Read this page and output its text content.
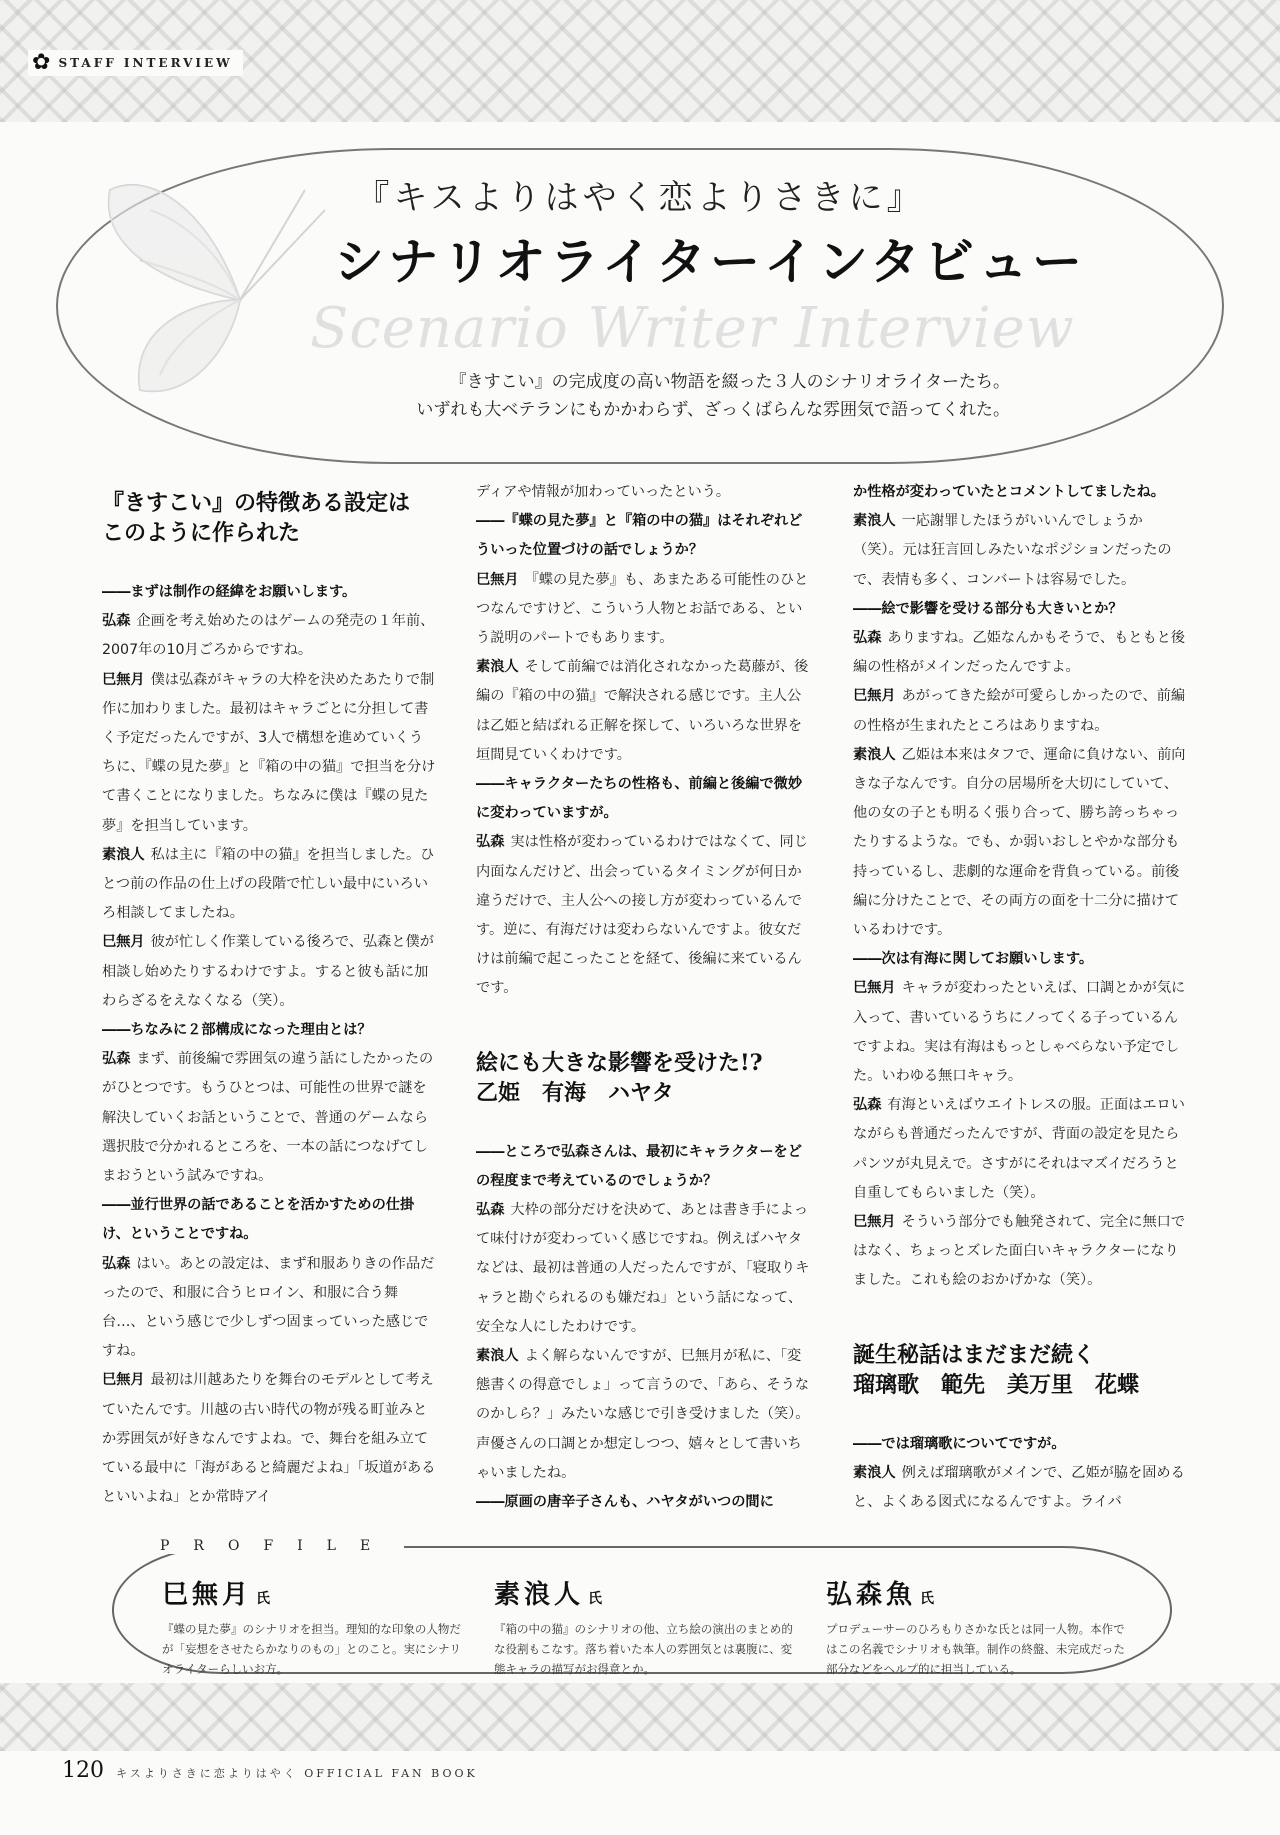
✿ STAFF INTERVIEW
『キスよりはやく恋よりさきに』
シナリオライターインタビュー
Scenario Writer Interview
『きすこい』の完成度の高い物語を綴った３人のシナリオライターたち。
いずれも大ベテランにもかかわらず、ざっくばらんな雰囲気で語ってくれた。
『きすこい』の特徴ある設定は
このように作られた

――まずは制作の経緯をお願いします。

弘森 企画を考え始めたのはゲームの発売の１年前、2007年の10月ごろからですね。

巳無月 僕は弘森がキャラの大枠を決めたあたりで制作に加わりました。最初はキャラごとに分担して書く予定だったんですが、3人で構想を進めていくうちに、『蝶の見た夢』と『箱の中の猫』で担当を分けて書くことになりました。ちなみに僕は『蝶の見た夢』を担当しています。

素浪人 私は主に『箱の中の猫』を担当しました。ひとつ前の作品の仕上げの段階で忙しい最中にいろいろ相談してましたね。

巳無月 彼が忙しく作業している後ろで、弘森と僕が相談し始めたりするわけですよ。すると彼も話に加わらざるをえなくなる（笑）。

――ちなみに２部構成になった理由とは？

弘森 まず、前後編で雰囲気の違う話にしたかったのがひとつです。もうひとつは、可能性の世界で謎を解決していくお話ということで、普通のゲームなら選択肢で分かれるところを、一本の話につなげてしまおうという試みですね。

――並行世界の話であることを活かすための仕掛け、ということですね。

弘森 はい。あとの設定は、まず和服ありきの作品だったので、和服に合うヒロイン、和服に合う舞台…、という感じで少しずつ固まっていった感じですね。

巳無月 最初は川越あたりを舞台のモデルとして考えていたんです。川越の古い時代の物が残る町並みとか雰囲気が好きなんですよね。で、舞台を組み立てている最中に「海があると綺麗だよね」「坂道があるといいよね」とか常時アイ

ディアや情報が加わっていったという。

――『蝶の見た夢』と『箱の中の猫』はそれぞれどういった位置づけの話でしょうか？

巳無月 『蝶の見た夢』も、あまたある可能性のひとつなんですけど、こういう人物とお話である、という説明のパートでもあります。

素浪人 そして前編では消化されなかった葛藤が、後編の『箱の中の猫』で解決される感じです。主人公は乙姫と結ばれる正解を探して、いろいろな世界を垣間見ていくわけです。

――キャラクターたちの性格も、前編と後編で微妙に変わっていますが。

弘森 実は性格が変わっているわけではなくて、同じ内面なんだけど、出会っているタイミングが何日か違うだけで、主人公への接し方が変わっているんです。逆に、有海だけは変わらないんですよ。彼女だけは前編で起こったことを経て、後編に来ているんです。

絵にも大きな影響を受けた!?
乙姫　有海　ハヤタ

――ところで弘森さんは、最初にキャラクターをどの程度まで考えているのでしょうか？

弘森 大枠の部分だけを決めて、あとは書き手によって味付けが変わっていく感じですね。例えばハヤタなどは、最初は普通の人だったんですが、「寝取りキャラと勘ぐられるのも嫌だね」という話になって、安全な人にしたわけです。

素浪人 よく解らないんですが、巳無月が私に、「変態書くの得意でしょ」って言うので、「あら、そうなのかしら？」みたいな感じで引き受けました（笑）。声優さんの口調とか想定しつつ、嬉々として書いちゃいましたね。

――原画の唐辛子さんも、ハヤタがいつの間に

か性格が変わっていたとコメントしてましたね。

素浪人 一応謝罪したほうがいいんでしょうか（笑）。元は狂言回しみたいなポジションだったので、表情も多く、コンバートは容易でした。

――絵で影響を受ける部分も大きいとか？

弘森 ありますね。乙姫なんかもそうで、もともと後編の性格がメインだったんですよ。

巳無月 あがってきた絵が可愛らしかったので、前編の性格が生まれたところはありますね。

素浪人 乙姫は本来はタフで、運命に負けない、前向きな子なんです。自分の居場所を大切にしていて、他の女の子とも明るく張り合って、勝ち誇っちゃったりするような。でも、か弱いおしとやかな部分も持っているし、悲劇的な運命を背負っている。前後編に分けたことで、その両方の面を十二分に描けているわけです。

――次は有海に関してお願いします。

巳無月 キャラが変わったといえば、口調とかが気に入って、書いているうちにノってくる子っているんですよね。実は有海はもっとしゃべらない予定でした。いわゆる無口キャラ。

弘森 有海といえばウエイトレスの服。正面はエロいながらも普通だったんですが、背面の設定を見たらパンツが丸見えで。さすがにそれはマズイだろうと自重してもらいました（笑）。

巳無月 そういう部分でも触発されて、完全に無口ではなく、ちょっとズレた面白いキャラクターになりました。これも絵のおかげかな（笑）。

誕生秘話はまだまだ続く
瑠璃歌　範先　美万里　花蝶

――では瑠璃歌についてですが。

素浪人 例えば瑠璃歌がメインで、乙姫が脇を固めると、よくある図式になるんですよ。ライバ

PROFILE
巳無月 氏
『蝶の見た夢』のシナリオを担当。理知的な印象の人物だが「妄想をさせたらかなりのもの」とのこと。実にシナリオライターらしいお方。
素浪人 氏
『箱の中の猫』のシナリオの他、立ち絵の演出のまとめ的な役割もこなす。落ち着いた本人の雰囲気とは裏腹に、変態キャラの描写がお得意とか。
弘森魚 氏
プロデューサーのひろもりさかな氏とは同一人物。本作ではこの名義でシナリオも執筆。制作の終盤、未完成だった部分などをヘルプ的に担当している。
120 キスよりさきに恋よりはやく OFFICIAL FAN BOOK
